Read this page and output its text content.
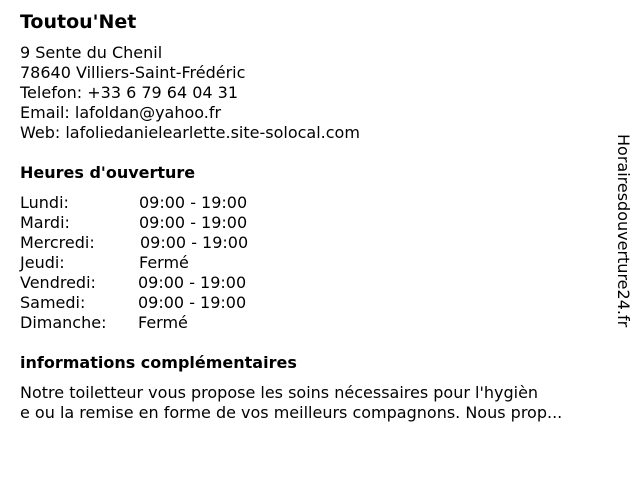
Toutou'Net
9 Sente du Chenil
78640 Villiers-Saint-Frédéric
Telefon: +33 6 79 64 04 31
Email: lafoldan@yahoo.fr
Web: lafoliedanielearlette.site-solocal.com
Heures d'ouverture
Lundi:	09:00 - 19:00
Mardi:	09:00 - 19:00
Mercredi:	09:00 - 19:00
Jeudi:	Fermé
Vendredi:	09:00 - 19:00
Samedi:	09:00 - 19:00
Dimanche: Fermé
informations complémentaires
Notre toiletteur vous propose les soins nécessaires pour l'hygièn
e ou la remise en forme de vos meilleurs compagnons. Nous prop...
Horairesdouverture24.fr
